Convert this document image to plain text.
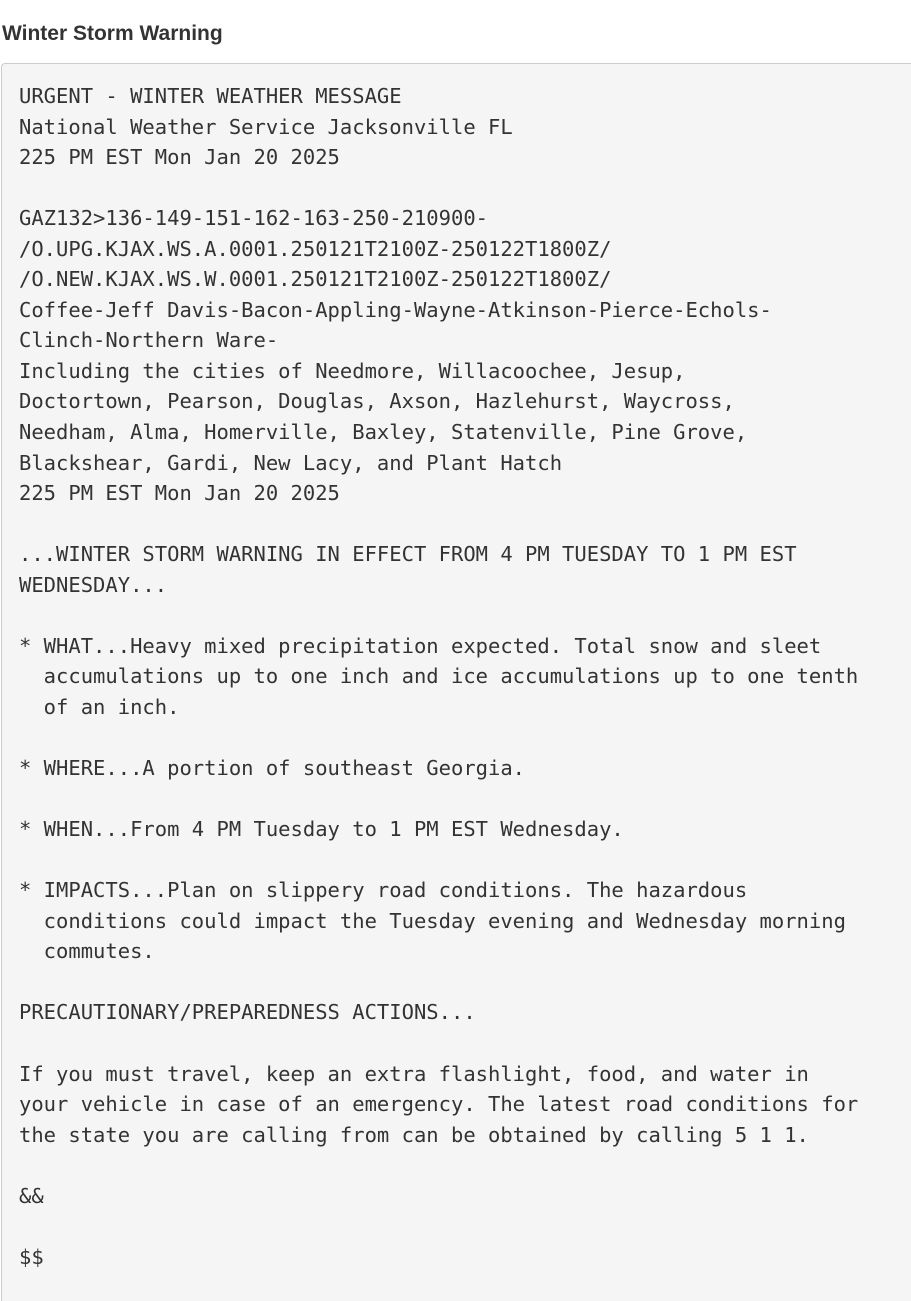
Winter Storm Warning
URGENT - WINTER WEATHER MESSAGE
National Weather Service Jacksonville FL
225 PM EST Mon Jan 20 2025
GAZ132>136-149-151-162-163-250-210900-
/O.UPG.KJAX.WS.A.0001.250121T2100Z-250122T1800Z/
/O.NEW.KJAX.WS.W.0001.250121T2100Z-250122T1800Z/
Coffee-Jeff Davis-Bacon-Appling-Wayne-Atkinson-Pierce-Echols-
Clinch-Northern Ware-
Including the cities of Needmore, Willacoochee, Jesup,
Doctortown, Pearson, Douglas, Axson, Hazlehurst, Waycross,
Needham, Alma, Homerville, Baxley, Statenville, Pine Grove,
Blackshear, Gardi, New Lacy, and Plant Hatch
225 PM EST Mon Jan 20 2025
...WINTER STORM WARNING IN EFFECT FROM 4 PM TUESDAY TO 1 PM EST
WEDNESDAY...
* WHAT...Heavy mixed precipitation expected. Total snow and sleet
accumulations up to one inch and ice accumulations up to one tenth
of an inch.
* WHERE...A portion of southeast Georgia.
* WHEN...From 4 PM Tuesday to 1 PM EST Wednesday.
* IMPACTS...Plan on slippery road conditions. The hazardous
conditions could impact the Tuesday evening and Wednesday morning
commutes.
PRECAUTIONARY/PREPAREDNESS ACTIONS...
If you must travel, keep an extra flashlight, food, and water in
your vehicle in case of an emergency. The latest road conditions for
the state you are calling from can be obtained by calling 5 1 1.
&&
$$
